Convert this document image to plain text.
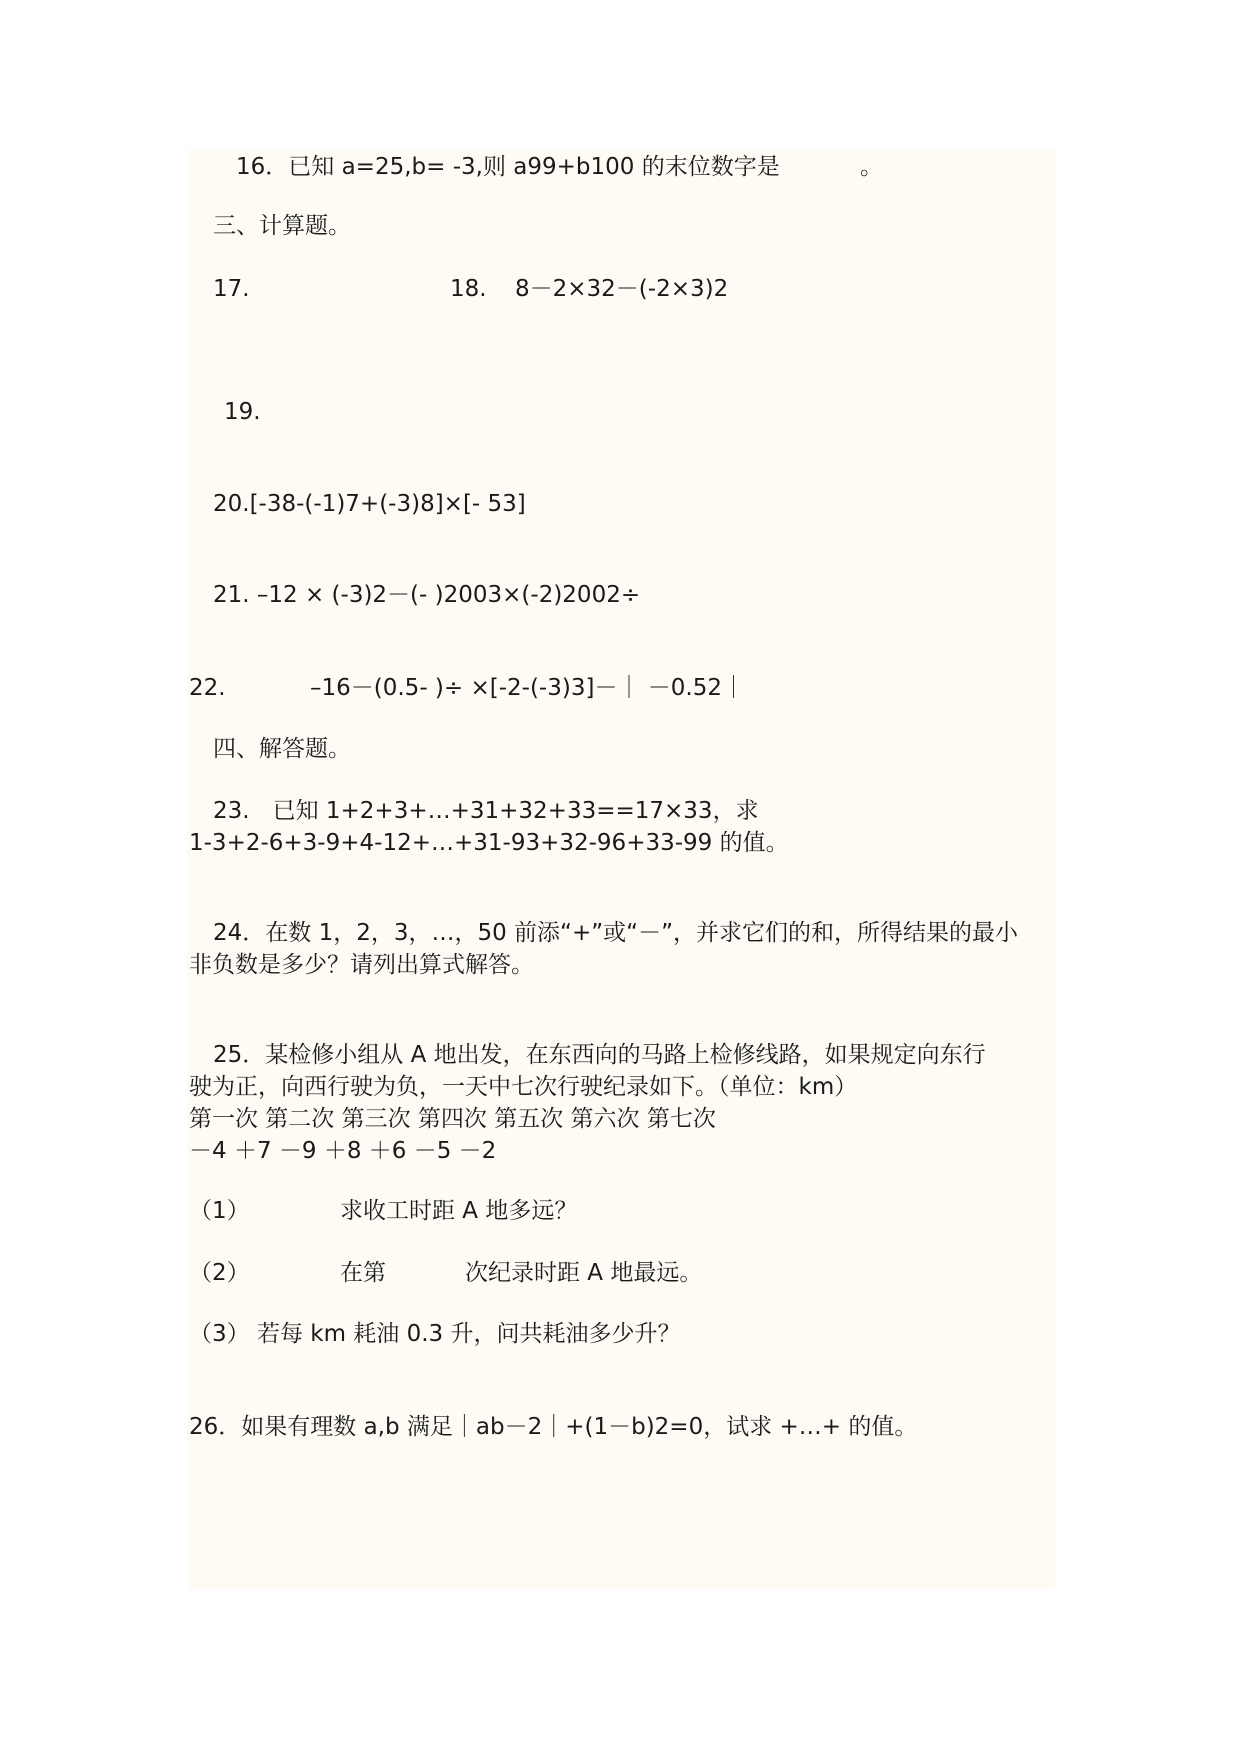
16．已知 a=25,b= -3,则 a99+b100 的末位数字是	。
三、计算题。
17.	18. 8－2×32－(-2×3)2
19.
20.[-38-(-1)7+(-3)8]×[- 53]
21. –12 × (-3)2－(- )2003×(-2)2002÷
22.	–16－(0.5- )÷ ×[-2-(-3)3]－｜ －0.52｜
四、解答题。
23.　已知 1+2+3+…+31+32+33==17×33，求
1-3+2-6+3-9+4-12+…+31-93+32-96+33-99 的值。
24．在数 1，2，3，…，50 前添“+”或“－”，并求它们的和，所得结果的最小
非负数是多少？请列出算式解答。
25．某检修小组从 A 地出发，在东西向的马路上检修线路，如果规定向东行
驶为正，向西行驶为负，一天中七次行驶纪录如下。（单位：km）
第一次 第二次 第三次 第四次 第五次 第六次 第七次
－4 ＋7 －9 ＋8 ＋6 －5 －2
（1）	求收工时距 A 地多远？
（2）	在第	次纪录时距 A 地最远。
（3） 若每 km 耗油 0.3 升，问共耗油多少升？
26．如果有理数 a,b 满足｜ab－2｜+(1－b)2=0，试求 +…+ 的值。
